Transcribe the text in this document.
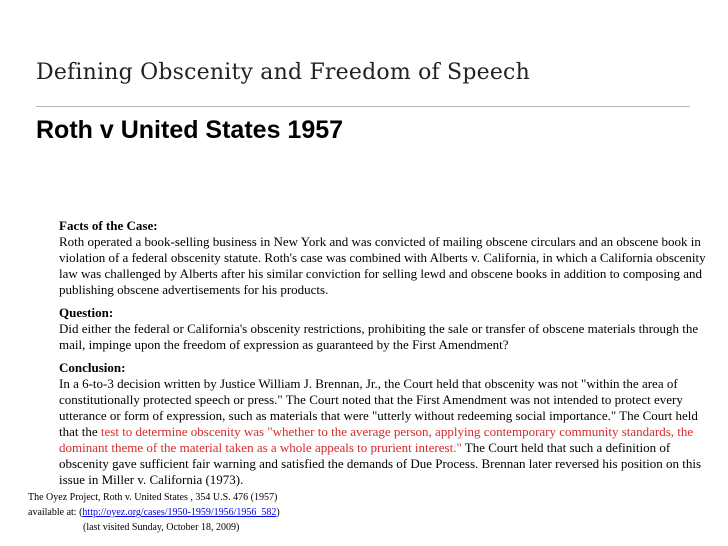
Defining Obscenity and Freedom of Speech
Roth v United States 1957

Facts of the Case:
Roth operated a book-selling business in New York and was convicted of mailing obscene circulars and an obscene book in violation of a federal obscenity statute. Roth's case was combined with Alberts v. California, in which a California obscenity law was challenged by Alberts after his similar conviction for selling lewd and obscene books in addition to composing and publishing obscene advertisements for his products.

Question:
Did either the federal or California's obscenity restrictions, prohibiting the sale or transfer of obscene materials through the mail, impinge upon the freedom of expression as guaranteed by the First Amendment?

Conclusion:
In a 6-to-3 decision written by Justice William J. Brennan, Jr., the Court held that obscenity was not "within the area of constitutionally protected speech or press." The Court noted that the First Amendment was not intended to protect every utterance or form of expression, such as materials that were "utterly without redeeming social importance." The Court held that the test to determine obscenity was "whether to the average person, applying contemporary community standards, the dominant theme of the material taken as a whole appeals to prurient interest." The Court held that such a definition of obscenity gave sufficient fair warning and satisfied the demands of Due Process. Brennan later reversed his position on this issue in Miller v. California (1973).

The Oyez Project, Roth v. United States , 354 U.S. 476 (1957)
available at: (http://oyez.org/cases/1950-1959/1956/1956_582)
(last visited Sunday, October 18, 2009)
